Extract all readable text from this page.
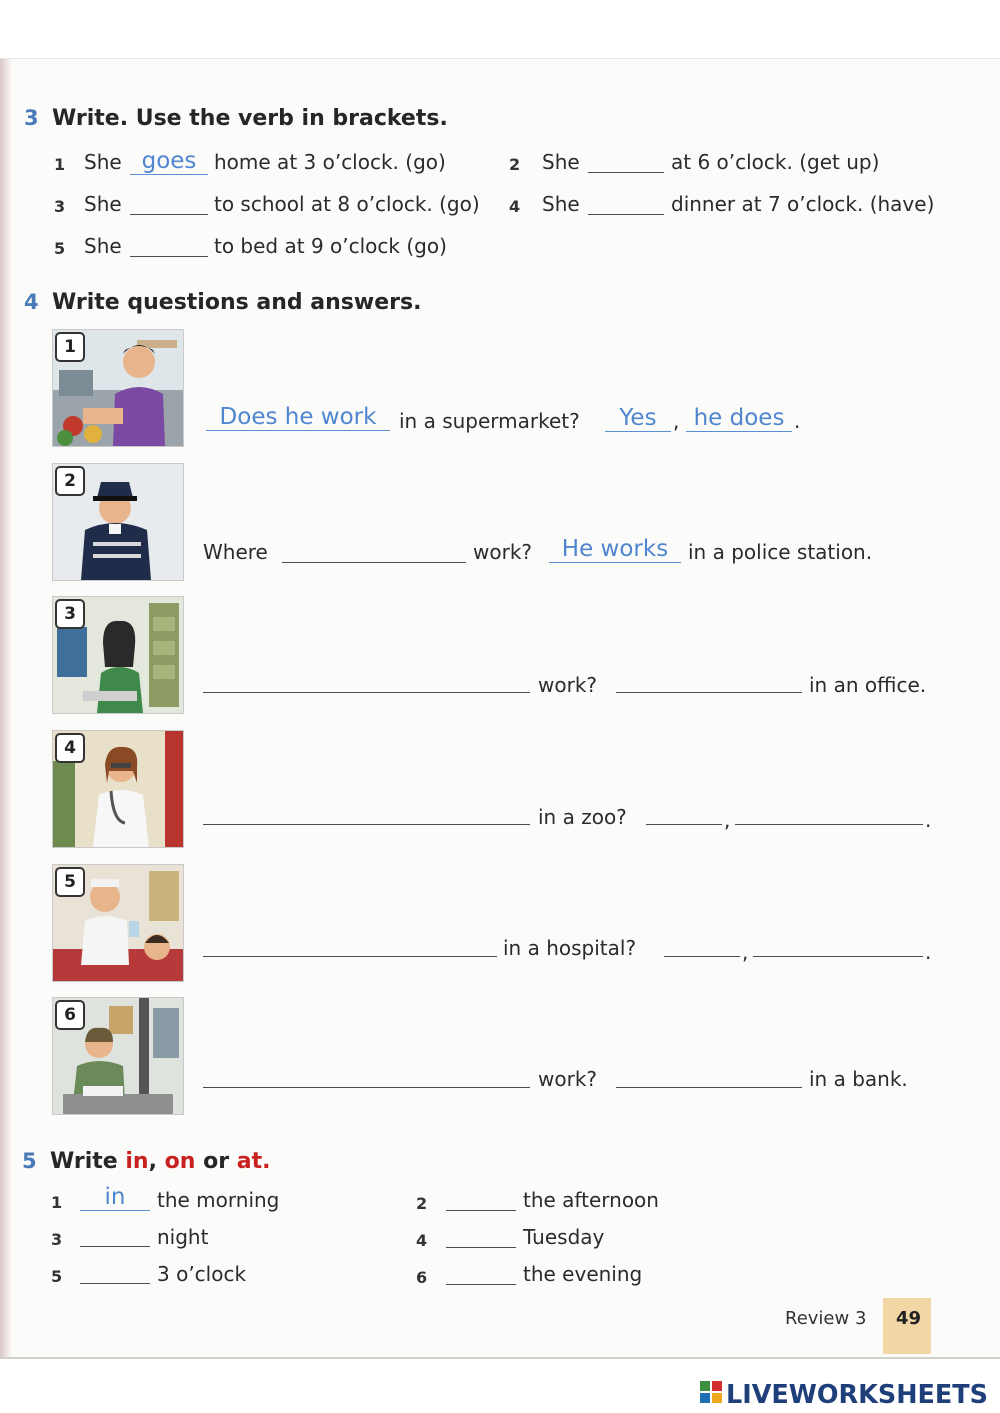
3 Write. Use the verb in brackets.
1 She goes home at 3 o’clock. (go)	2 She	at 6 o’clock. (get up)
3 She	to school at 8 o’clock. (go) 4 She	dinner at 7 o’clock. (have)
5 She	to bed at 9 o’clock (go)
4 Write questions and answers.
1
Does he work	in a supermarket?	Yes , he does .
2
Where	work?	He works in a police station.
3
work?	in an office.
4
in a zoo?	,	.
5
in a hospital?	,	.
6
work?	in a bank.
5 Write in, on or at.
1	in	the morning	2	the afternoon
3	night	4	Tuesday
5	3 o’clock	6	the evening
Review 3 49
LIVEWORKSHEETS
